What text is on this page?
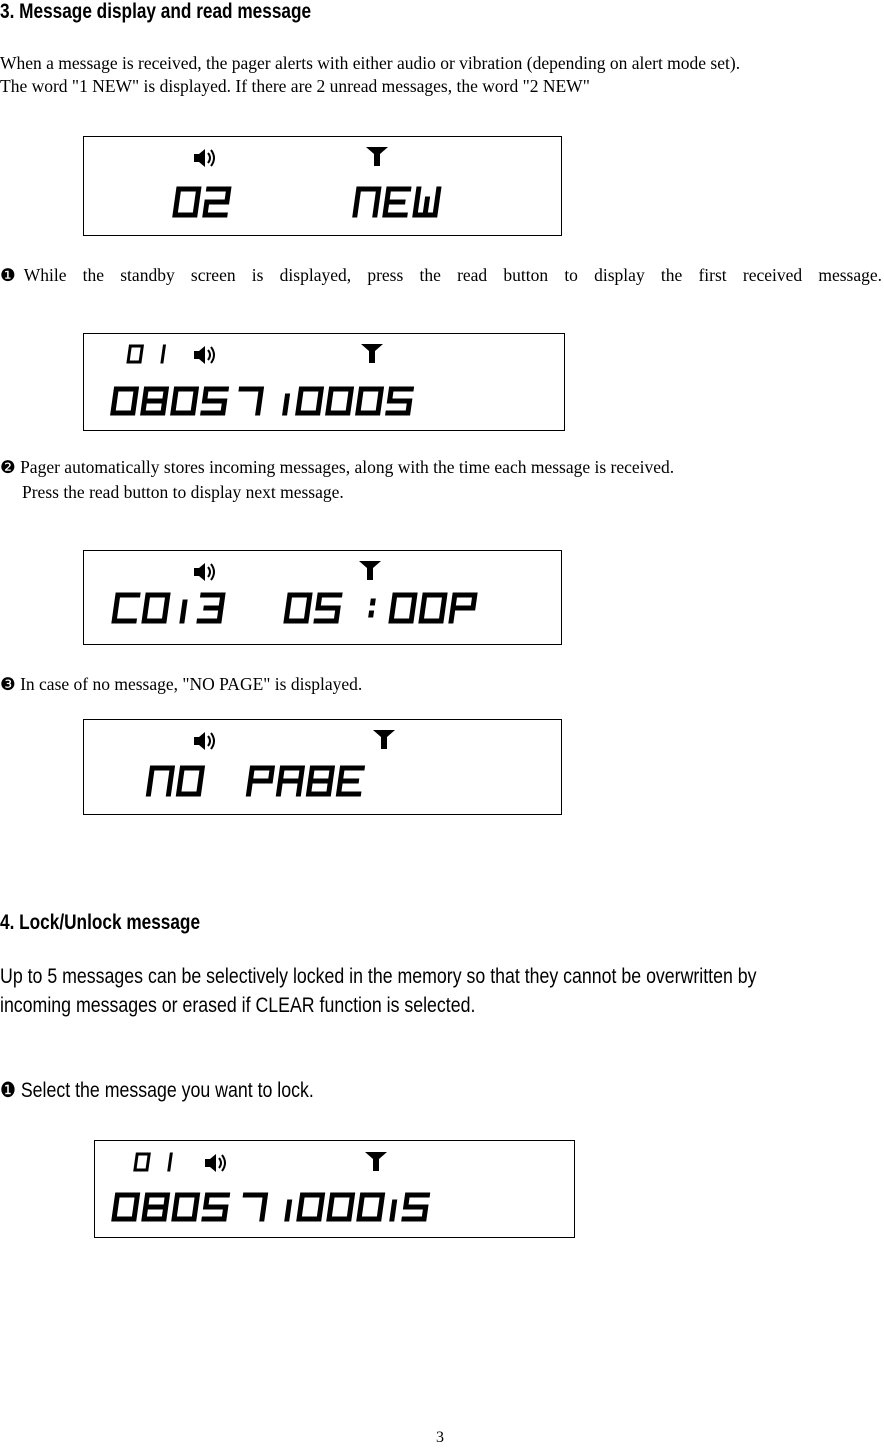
3. Message display and read message
When a message is received, the pager alerts with either audio or vibration (depending on alert mode set).
The word "1 NEW" is displayed. If there are 2 unread messages, the word "2 NEW"
❶ While the standby screen is displayed, press the read button to display the first received message.
❷ Pager automatically stores incoming messages, along with the time each message is received.
Press the read button to display next message.
❸ In case of no message, "NO PAGE" is displayed.
4. Lock/Unlock message
Up to 5 messages can be selectively locked in the memory so that they cannot be overwritten by
incoming messages or erased if CLEAR function is selected.
❶ Select the message you want to lock.
3
